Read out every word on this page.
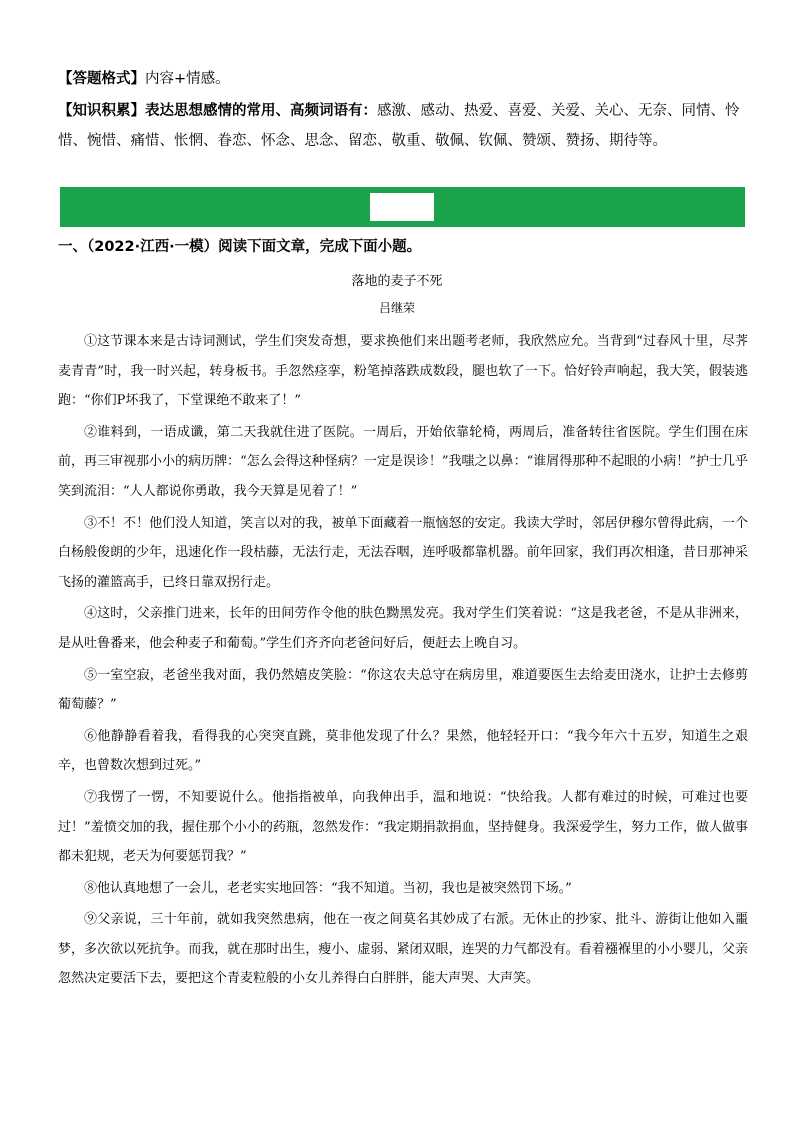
【答题格式】内容+情感。
【知识积累】表达思想感情的常用、高频词语有：感激、感动、热爱、喜爱、关爱、关心、无奈、同情、怜惜、惋惜、痛惜、怅惘、眷恋、怀念、思念、留恋、敬重、敬佩、钦佩、赞颂、赞扬、期待等。
一、（2022·江西·一模）阅读下面文章，完成下面小题。
落地的麦子不死
吕继荣

①这节课本来是古诗词测试，学生们突发奇想，要求换他们来出题考老师，我欣然应允。当背到“过春风十里，尽荠麦青青”时，我一时兴起，转身板书。手忽然痉挛，粉笔掉落跌成数段，腿也软了一下。恰好铃声响起，我大笑，假装逃跑：“你们P坏我了，下堂课绝不敢来了！”

②谁料到，一语成谶，第二天我就住进了医院。一周后，开始依靠轮椅，两周后，准备转往省医院。学生们围在床前，再三审视那小小的病历牌：“怎么会得这种怪病？一定是误诊！”我嗤之以鼻：“谁屑得那种不起眼的小病！”护士几乎笑到流泪：“人人都说你勇敢，我今天算是见着了！”

③不！不！他们没人知道，笑言以对的我，被单下面藏着一瓶恼怒的安定。我读大学时，邻居伊穆尔曾得此病，一个白杨般俊朗的少年，迅速化作一段枯藤，无法行走，无法吞咽，连呼吸都靠机器。前年回家，我们再次相逢，昔日那神采飞扬的灌篮高手，已终日靠双拐行走。

④这时，父亲推门进来，长年的田间劳作令他的肤色黝黑发亮。我对学生们笑着说：“这是我老爸，不是从非洲来，是从吐鲁番来，他会种麦子和葡萄。”学生们齐齐向老爸问好后，便赶去上晚自习。

⑤一室空寂，老爸坐我对面，我仍然嬉皮笑脸：“你这农夫总守在病房里，难道要医生去给麦田浇水，让护士去修剪葡萄藤？”

⑥他静静看着我，看得我的心突突直跳，莫非他发现了什么？果然，他轻轻开口：“我今年六十五岁，知道生之艰辛，也曾数次想到过死。”

⑦我愣了一愣，不知要说什么。他指指被单，向我伸出手，温和地说：“快给我。人都有难过的时候，可难过也要过！”羞愤交加的我，握住那个小小的药瓶，忽然发作：“我定期捐款捐血，坚持健身。我深爱学生，努力工作，做人做事都未犯规，老天为何要惩罚我？”

⑧他认真地想了一会儿，老老实实地回答：“我不知道。当初，我也是被突然罚下场。”

⑨父亲说，三十年前，就如我突然患病，他在一夜之间莫名其妙成了右派。无休止的抄家、批斗、游街让他如入噩梦，多次欲以死抗争。而我，就在那时出生，瘦小、虚弱、紧闭双眼，连哭的力气都没有。看着襁褓里的小小婴儿，父亲忽然决定要活下去，要把这个青麦粒般的小女儿养得白白胖胖，能大声哭、大声笑。
